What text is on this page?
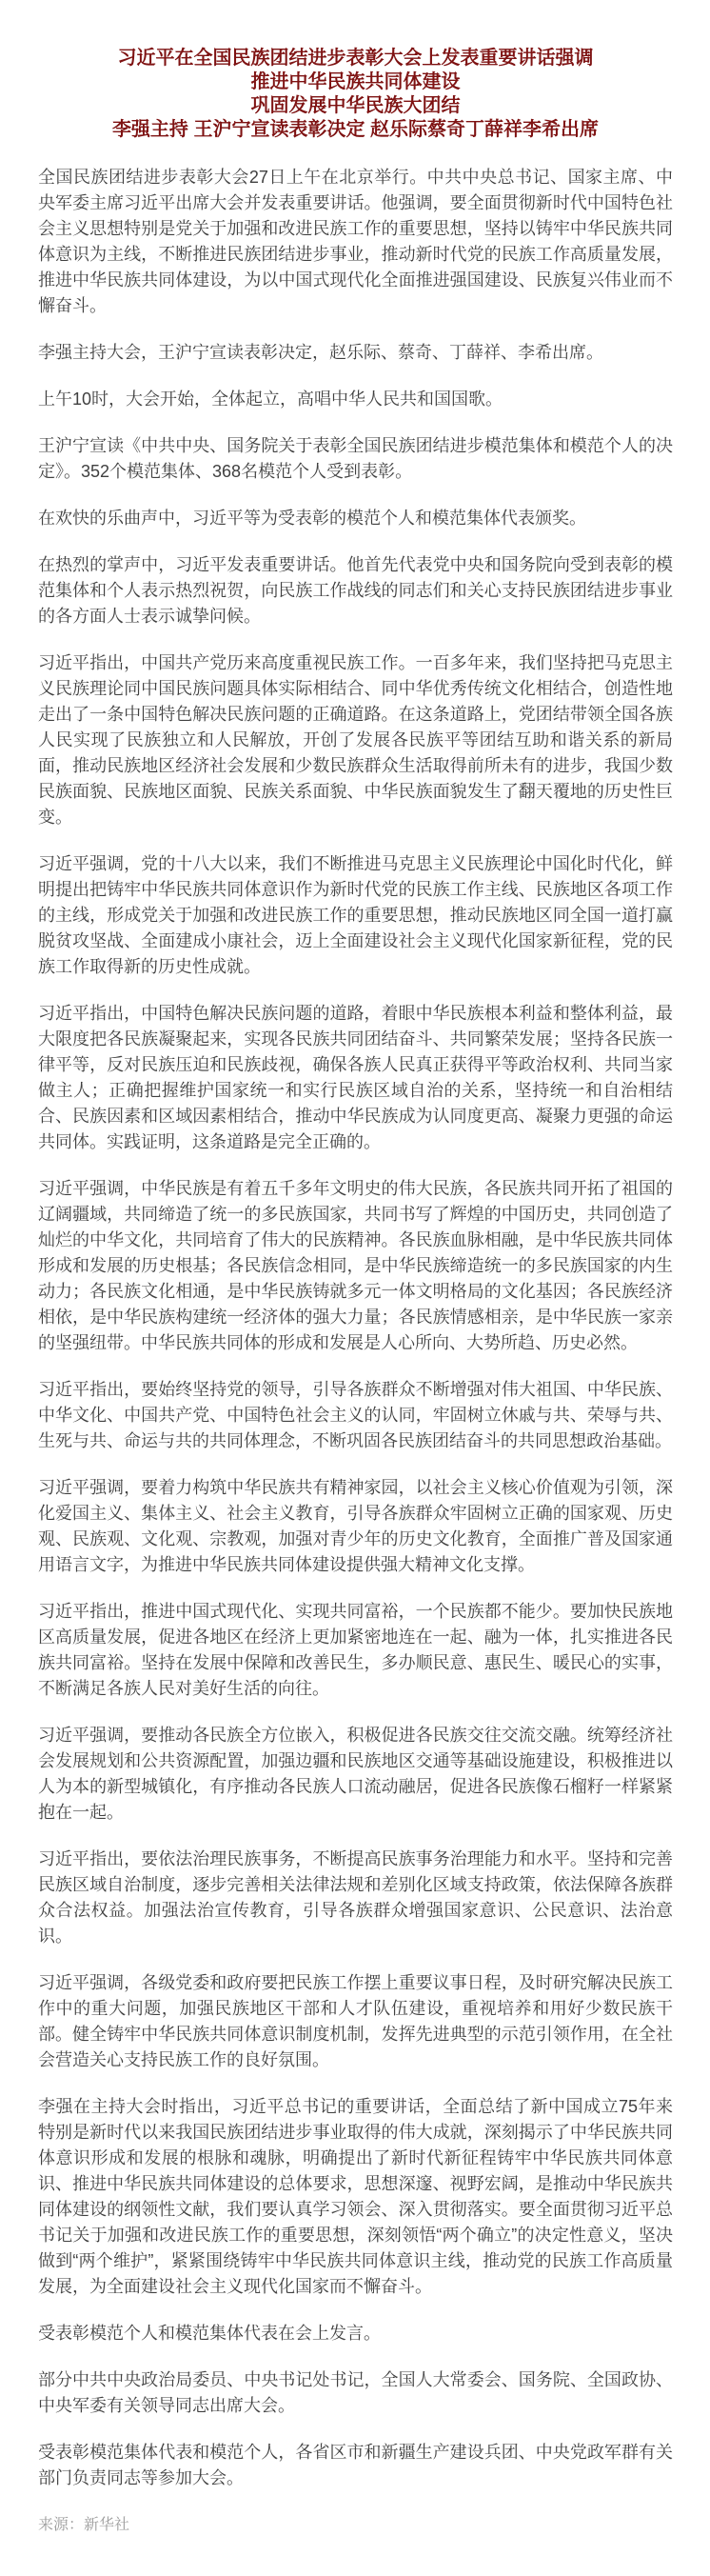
习近平在全国民族团结进步表彰大会上发表重要讲话强调
推进中华民族共同体建设
巩固发展中华民族大团结
李强主持 王沪宁宣读表彰决定 赵乐际蔡奇丁薛祥李希出席

全国民族团结进步表彰大会27日上午在北京举行。中共中央总书记、国家主席、中央军委主席习近平出席大会并发表重要讲话。他强调，要全面贯彻新时代中国特色社会主义思想特别是党关于加强和改进民族工作的重要思想，坚持以铸牢中华民族共同体意识为主线，不断推进民族团结进步事业，推动新时代党的民族工作高质量发展，推进中华民族共同体建设，为以中国式现代化全面推进强国建设、民族复兴伟业而不懈奋斗。

李强主持大会，王沪宁宣读表彰决定，赵乐际、蔡奇、丁薛祥、李希出席。

上午10时，大会开始，全体起立，高唱中华人民共和国国歌。

王沪宁宣读《中共中央、国务院关于表彰全国民族团结进步模范集体和模范个人的决定》。352个模范集体、368名模范个人受到表彰。

在欢快的乐曲声中，习近平等为受表彰的模范个人和模范集体代表颁奖。

在热烈的掌声中，习近平发表重要讲话。他首先代表党中央和国务院向受到表彰的模范集体和个人表示热烈祝贺，向民族工作战线的同志们和关心支持民族团结进步事业的各方面人士表示诚挚问候。

习近平指出，中国共产党历来高度重视民族工作。一百多年来，我们坚持把马克思主义民族理论同中国民族问题具体实际相结合、同中华优秀传统文化相结合，创造性地走出了一条中国特色解决民族问题的正确道路。在这条道路上，党团结带领全国各族人民实现了民族独立和人民解放，开创了发展各民族平等团结互助和谐关系的新局面，推动民族地区经济社会发展和少数民族群众生活取得前所未有的进步，我国少数民族面貌、民族地区面貌、民族关系面貌、中华民族面貌发生了翻天覆地的历史性巨变。

习近平强调，党的十八大以来，我们不断推进马克思主义民族理论中国化时代化，鲜明提出把铸牢中华民族共同体意识作为新时代党的民族工作主线、民族地区各项工作的主线，形成党关于加强和改进民族工作的重要思想，推动民族地区同全国一道打赢脱贫攻坚战、全面建成小康社会，迈上全面建设社会主义现代化国家新征程，党的民族工作取得新的历史性成就。

习近平指出，中国特色解决民族问题的道路，着眼中华民族根本利益和整体利益，最大限度把各民族凝聚起来，实现各民族共同团结奋斗、共同繁荣发展；坚持各民族一律平等，反对民族压迫和民族歧视，确保各族人民真正获得平等政治权利、共同当家做主人；正确把握维护国家统一和实行民族区域自治的关系，坚持统一和自治相结合、民族因素和区域因素相结合，推动中华民族成为认同度更高、凝聚力更强的命运共同体。实践证明，这条道路是完全正确的。

习近平强调，中华民族是有着五千多年文明史的伟大民族，各民族共同开拓了祖国的辽阔疆域，共同缔造了统一的多民族国家，共同书写了辉煌的中国历史，共同创造了灿烂的中华文化，共同培育了伟大的民族精神。各民族血脉相融，是中华民族共同体形成和发展的历史根基；各民族信念相同，是中华民族缔造统一的多民族国家的内生动力；各民族文化相通，是中华民族铸就多元一体文明格局的文化基因；各民族经济相依，是中华民族构建统一经济体的强大力量；各民族情感相亲，是中华民族一家亲的坚强纽带。中华民族共同体的形成和发展是人心所向、大势所趋、历史必然。

习近平指出，要始终坚持党的领导，引导各族群众不断增强对伟大祖国、中华民族、中华文化、中国共产党、中国特色社会主义的认同，牢固树立休戚与共、荣辱与共、生死与共、命运与共的共同体理念，不断巩固各民族团结奋斗的共同思想政治基础。

习近平强调，要着力构筑中华民族共有精神家园，以社会主义核心价值观为引领，深化爱国主义、集体主义、社会主义教育，引导各族群众牢固树立正确的国家观、历史观、民族观、文化观、宗教观，加强对青少年的历史文化教育，全面推广普及国家通用语言文字，为推进中华民族共同体建设提供强大精神文化支撑。

习近平指出，推进中国式现代化、实现共同富裕，一个民族都不能少。要加快民族地区高质量发展，促进各地区在经济上更加紧密地连在一起、融为一体，扎实推进各民族共同富裕。坚持在发展中保障和改善民生，多办顺民意、惠民生、暖民心的实事，不断满足各族人民对美好生活的向往。

习近平强调，要推动各民族全方位嵌入，积极促进各民族交往交流交融。统筹经济社会发展规划和公共资源配置，加强边疆和民族地区交通等基础设施建设，积极推进以人为本的新型城镇化，有序推动各民族人口流动融居，促进各民族像石榴籽一样紧紧抱在一起。

习近平指出，要依法治理民族事务，不断提高民族事务治理能力和水平。坚持和完善民族区域自治制度，逐步完善相关法律法规和差别化区域支持政策，依法保障各族群众合法权益。加强法治宣传教育，引导各族群众增强国家意识、公民意识、法治意识。

习近平强调，各级党委和政府要把民族工作摆上重要议事日程，及时研究解决民族工作中的重大问题，加强民族地区干部和人才队伍建设，重视培养和用好少数民族干部。健全铸牢中华民族共同体意识制度机制，发挥先进典型的示范引领作用，在全社会营造关心支持民族工作的良好氛围。

李强在主持大会时指出，习近平总书记的重要讲话，全面总结了新中国成立75年来特别是新时代以来我国民族团结进步事业取得的伟大成就，深刻揭示了中华民族共同体意识形成和发展的根脉和魂脉，明确提出了新时代新征程铸牢中华民族共同体意识、推进中华民族共同体建设的总体要求，思想深邃、视野宏阔，是推动中华民族共同体建设的纲领性文献，我们要认真学习领会、深入贯彻落实。要全面贯彻习近平总书记关于加强和改进民族工作的重要思想，深刻领悟“两个确立”的决定性意义，坚决做到“两个维护”，紧紧围绕铸牢中华民族共同体意识主线，推动党的民族工作高质量发展，为全面建设社会主义现代化国家而不懈奋斗。

受表彰模范个人和模范集体代表在会上发言。

部分中共中央政治局委员、中央书记处书记，全国人大常委会、国务院、全国政协、中央军委有关领导同志出席大会。

受表彰模范集体代表和模范个人，各省区市和新疆生产建设兵团、中央党政军群有关部门负责同志等参加大会。

来源：新华社
